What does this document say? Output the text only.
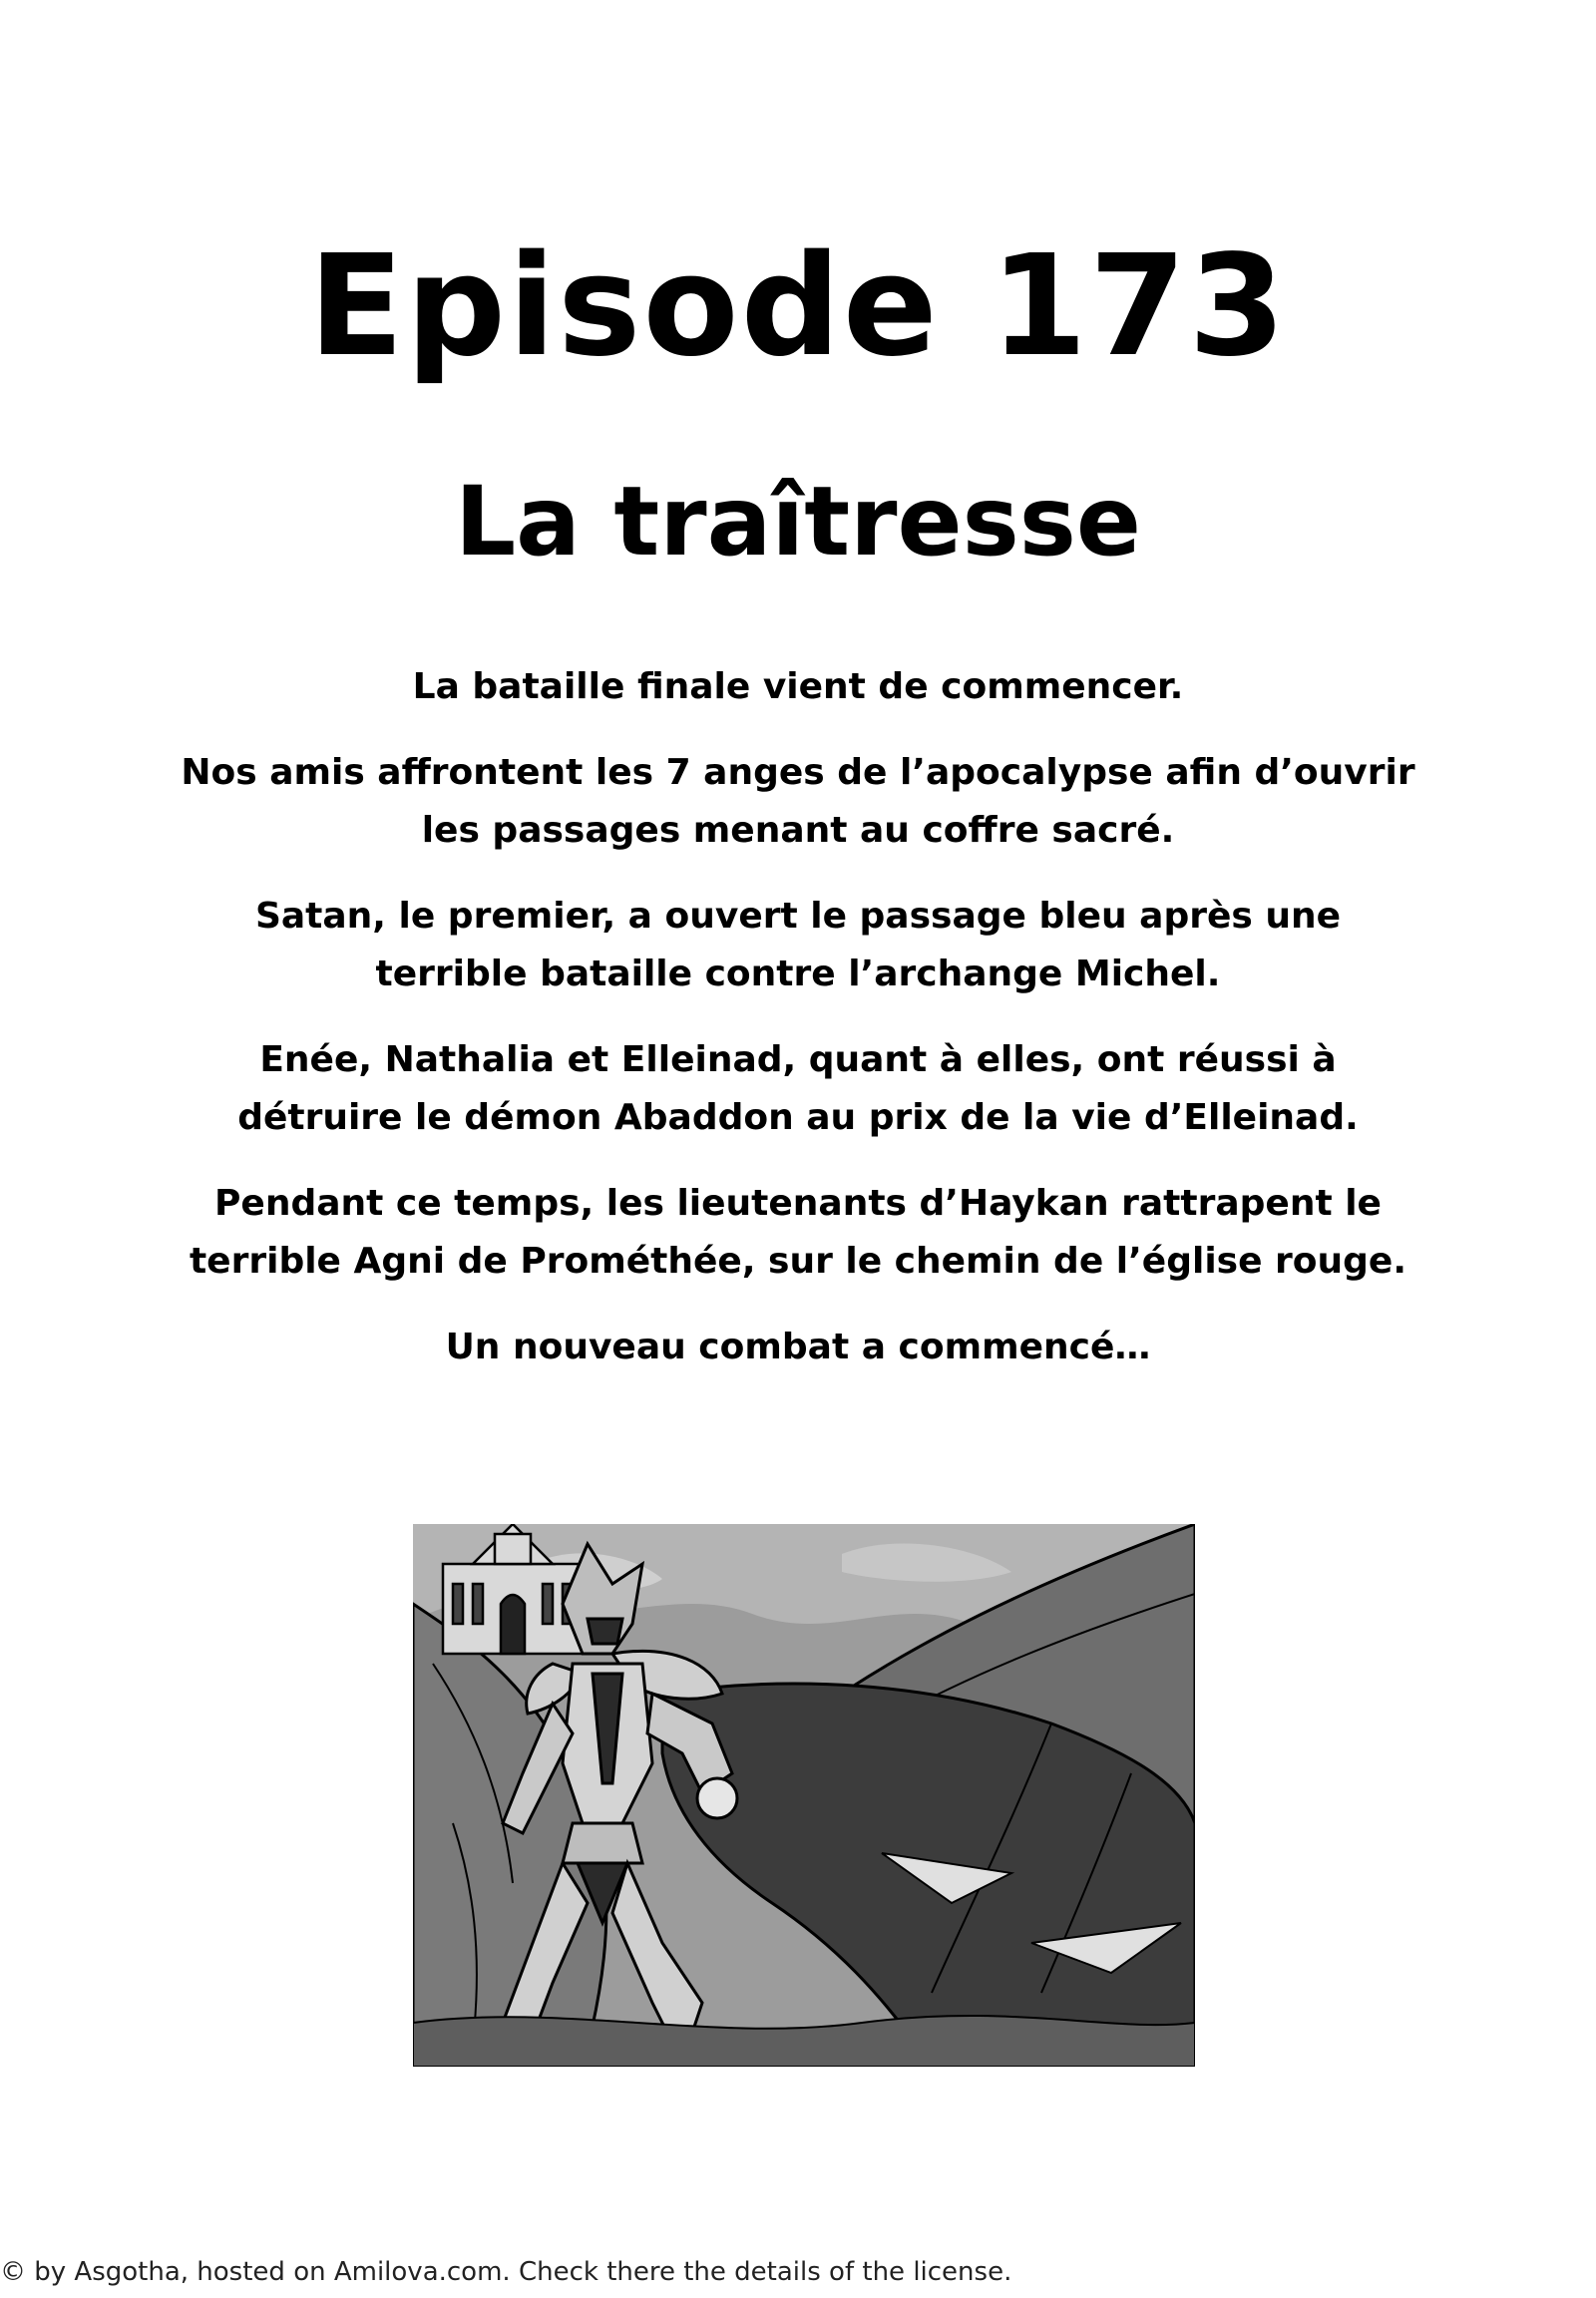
Episode 173
La traîtresse

La bataille finale vient de commencer.

Nos amis affrontent les 7 anges de l’apocalypse afin d’ouvrir les passages menant au coffre sacré.

Satan, le premier, a ouvert le passage bleu après une terrible bataille contre l’archange Michel.

Enée, Nathalia et Elleinad, quant à elles, ont réussi à détruire le démon Abaddon au prix de la vie d’Elleinad.

Pendant ce temps, les lieutenants d’Haykan rattrapent le terrible Agni de Prométhée, sur le chemin de l’église rouge.

Un nouveau combat a commencé…

© by Asgotha, hosted on Amilova.com. Check there the details of the license.
